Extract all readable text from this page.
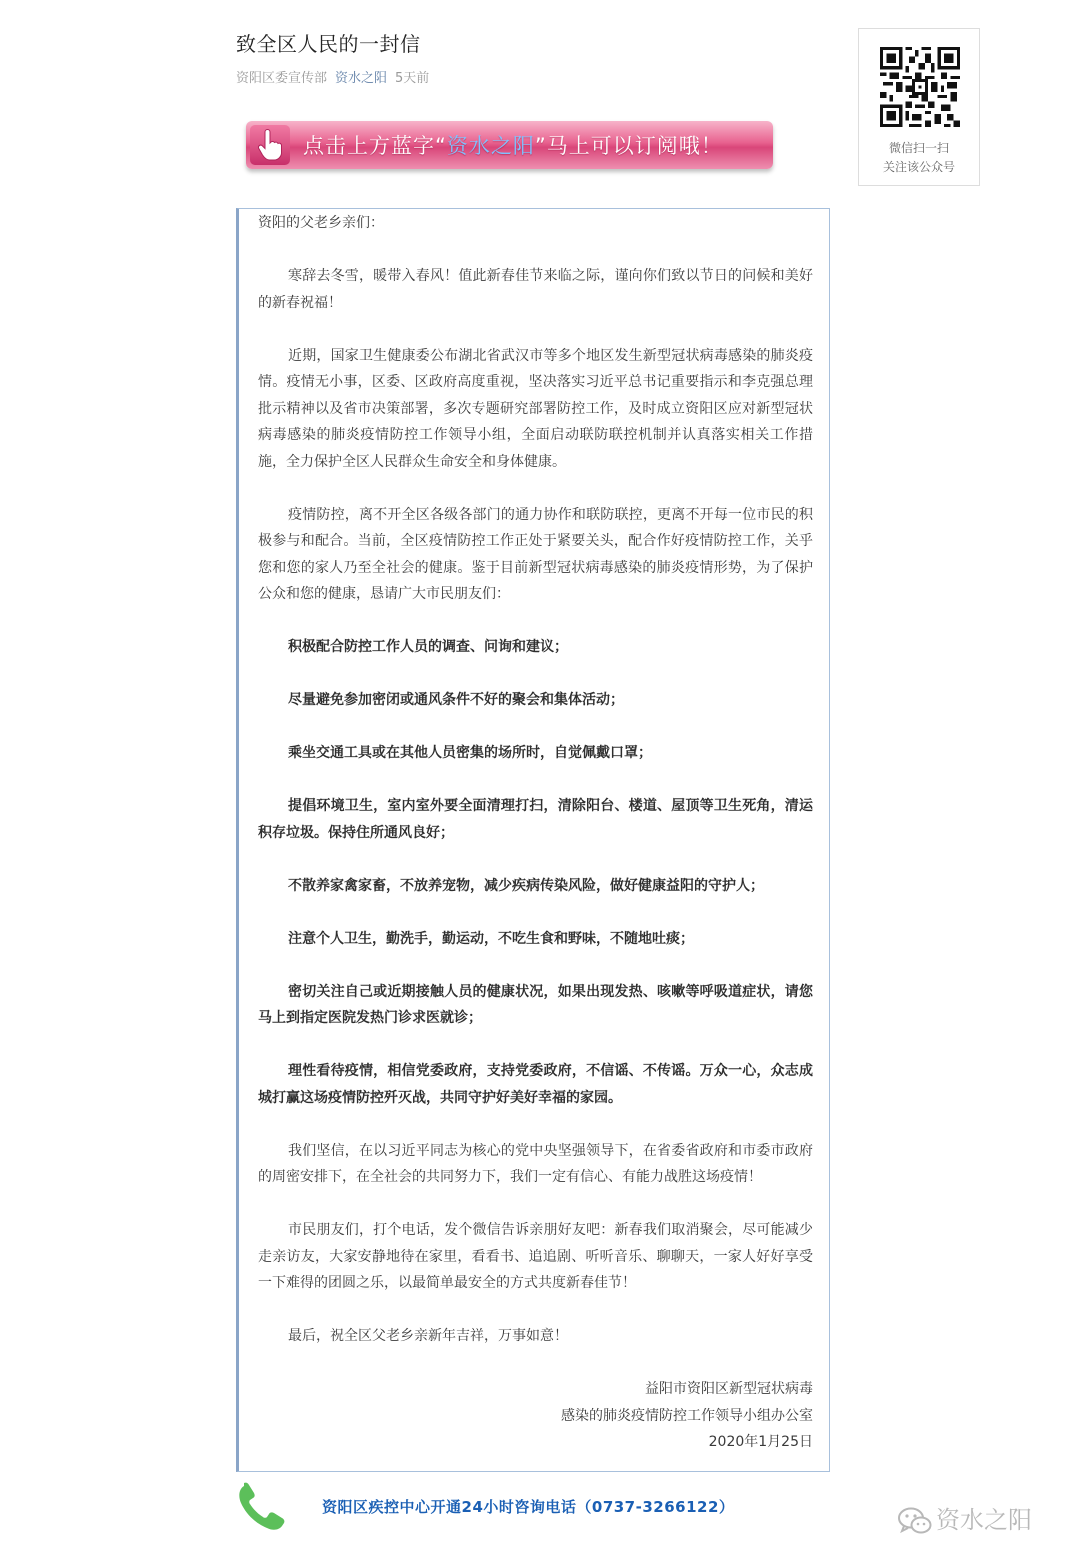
致全区人民的一封信
资阳区委宣传部 资水之阳 5天前
微信扫一扫
关注该公众号
点击上方蓝字“资水之阳”马上可以订阅哦！

资阳的父老乡亲们：

寒辞去冬雪，暖带入春风！值此新春佳节来临之际，谨向你们致以节日的问候和美好的新春祝福！

近期，国家卫生健康委公布湖北省武汉市等多个地区发生新型冠状病毒感染的肺炎疫情。疫情无小事，区委、区政府高度重视，坚决落实习近平总书记重要指示和李克强总理批示精神以及省市决策部署，多次专题研究部署防控工作，及时成立资阳区应对新型冠状病毒感染的肺炎疫情防控工作领导小组，全面启动联防联控机制并认真落实相关工作措施，全力保护全区人民群众生命安全和身体健康。

疫情防控，离不开全区各级各部门的通力协作和联防联控，更离不开每一位市民的积极参与和配合。当前，全区疫情防控工作正处于紧要关头，配合作好疫情防控工作，关乎您和您的家人乃至全社会的健康。鉴于目前新型冠状病毒感染的肺炎疫情形势，为了保护公众和您的健康，恳请广大市民朋友们：

积极配合防控工作人员的调查、问询和建议；

尽量避免参加密闭或通风条件不好的聚会和集体活动；

乘坐交通工具或在其他人员密集的场所时，自觉佩戴口罩；

提倡环境卫生，室内室外要全面清理打扫，清除阳台、楼道、屋顶等卫生死角，清运积存垃圾。保持住所通风良好；

不散养家禽家畜，不放养宠物，减少疾病传染风险，做好健康益阳的守护人；

注意个人卫生，勤洗手，勤运动，不吃生食和野味，不随地吐痰；

密切关注自己或近期接触人员的健康状况，如果出现发热、咳嗽等呼吸道症状，请您马上到指定医院发热门诊求医就诊；

理性看待疫情，相信党委政府，支持党委政府，不信谣、不传谣。万众一心，众志成城打赢这场疫情防控歼灭战，共同守护好美好幸福的家园。

我们坚信，在以习近平同志为核心的党中央坚强领导下，在省委省政府和市委市政府的周密安排下，在全社会的共同努力下，我们一定有信心、有能力战胜这场疫情！

市民朋友们，打个电话，发个微信告诉亲朋好友吧：新春我们取消聚会，尽可能减少走亲访友，大家安静地待在家里，看看书、追追剧、听听音乐、聊聊天，一家人好好享受一下难得的团圆之乐，以最简单最安全的方式共度新春佳节！

最后，祝全区父老乡亲新年吉祥，万事如意！

益阳市资阳区新型冠状病毒

感染的肺炎疫情防控工作领导小组办公室

2020年1月25日

资阳区疾控中心开通24小时咨询电话（0737-3266122）	资水之阳
